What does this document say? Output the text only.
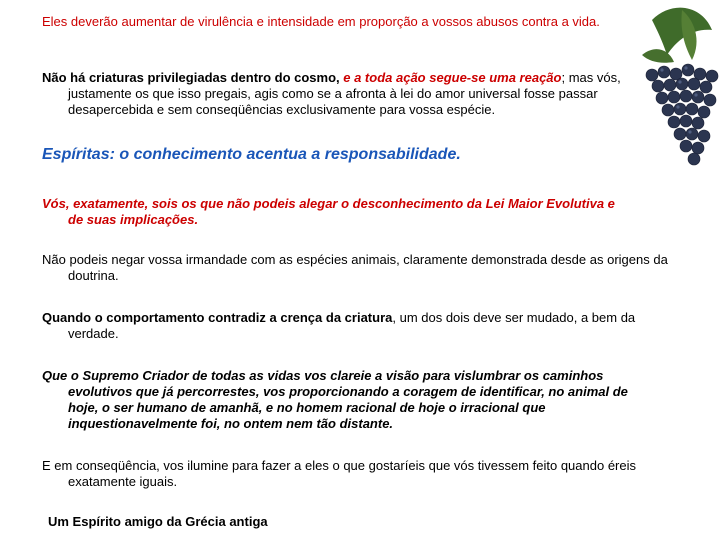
Eles deverão aumentar de virulência e intensidade em proporção a vossos abusos contra a vida.

Não há criaturas privilegiadas dentro do cosmo, e a toda ação segue-se uma reação; mas vós, justamente os que isso pregais, agis como se a afronta à lei do amor universal fosse passar desapercebida e sem conseqüências exclusivamente para vossa espécie.

Espíritas: o conhecimento acentua a responsabilidade.

Vós, exatamente, sois os que não podeis alegar o desconhecimento da Lei Maior Evolutiva e de suas implicações.

Não podeis negar vossa irmandade com as espécies animais, claramente demonstrada desde as origens da doutrina.

Quando o comportamento contradiz a crença da criatura, um dos dois deve ser mudado, a bem da verdade.

Que o Supremo Criador de todas as vidas vos clareie a visão para vislumbrar os caminhos evolutivos que já percorrestes, vos proporcionando a coragem de identificar, no animal de hoje, o ser humano de amanhã, e no homem racional de hoje o irracional que inquestionavelmente foi, no ontem nem tão distante.

E em conseqüência, vos ilumine para fazer a eles o que gostaríeis que vós tivessem feito quando éreis exatamente iguais.

Um Espírito amigo da Grécia antiga
